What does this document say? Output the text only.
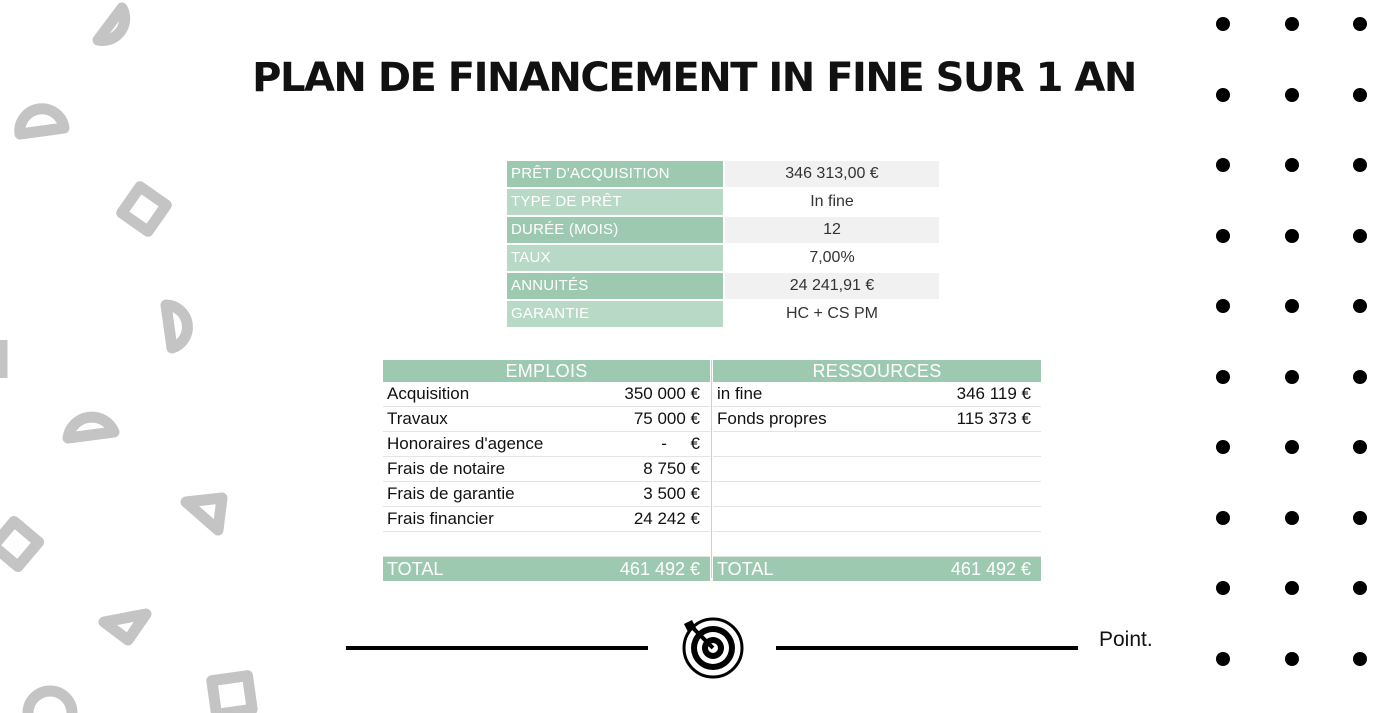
PLAN DE FINANCEMENT IN FINE SUR 1 AN
PRÊT D'ACQUISITION	346 313,00 €
TYPE DE PRÊT	In fine
DURÉE (MOIS)	12
TAUX	7,00%
ANNUITÉS	24 241,91 €
GARANTIE	HC + CS PM
EMPLOIS
Acquisition	350 000 €
Travaux	75 000 €
Honoraires d'agence	-     €
Frais de notaire	8 750 €
Frais de garantie	3 500 €
Frais financier	24 242 €
TOTAL	461 492 €
RESSOURCES
in fine	346 119 €
Fonds propres	115 373 €
TOTAL	461 492 €
Point.
